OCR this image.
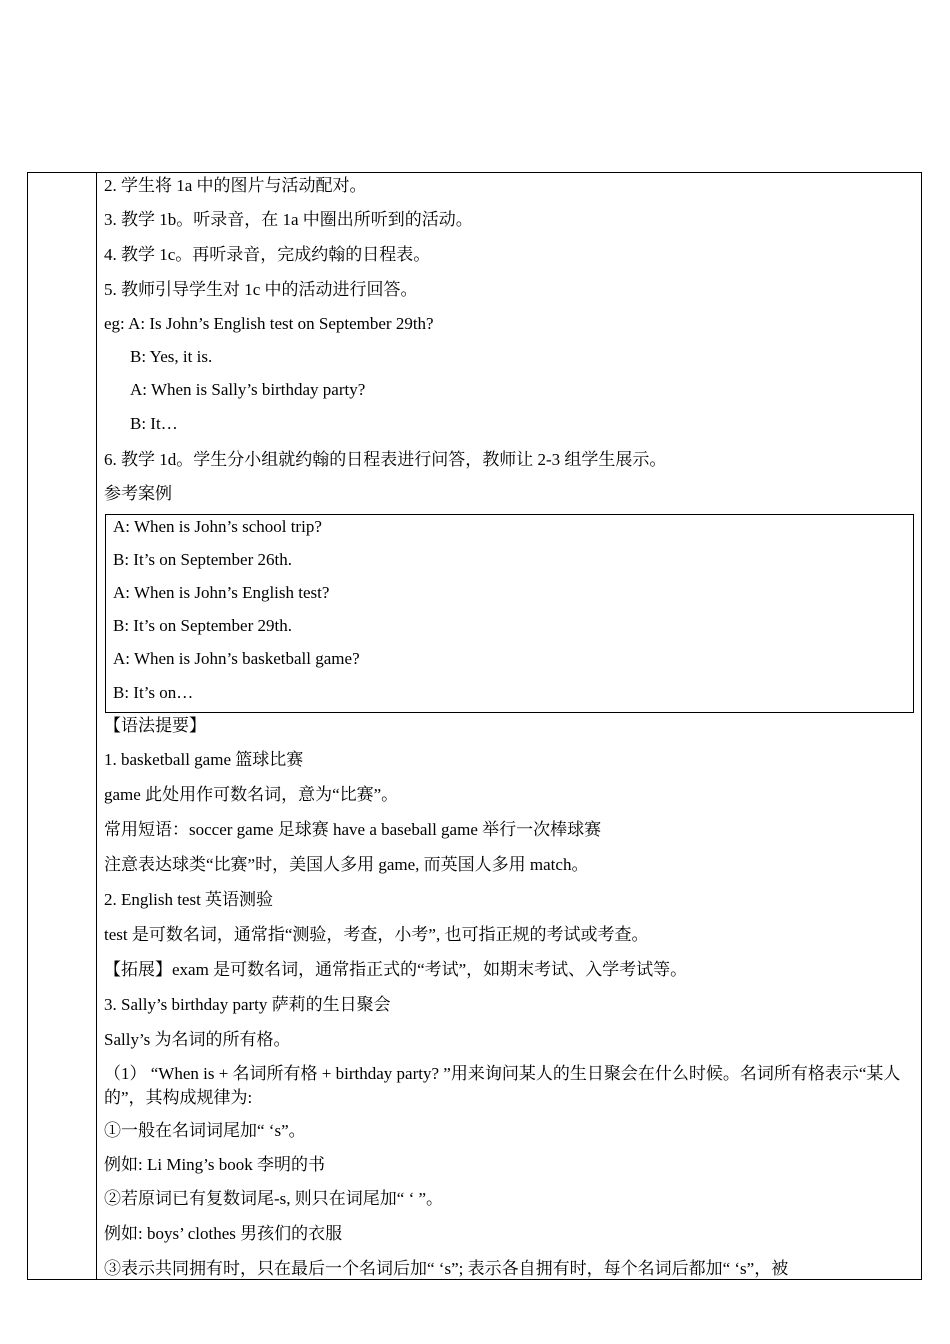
2. 学生将 1a 中的图片与活动配对。
3. 教学 1b。听录音，在 1a 中圈出所听到的活动。
4. 教学 1c。再听录音，完成约翰的日程表。
5. 教师引导学生对 1c 中的活动进行回答。
eg: A: Is John’s English test on September 29th?
B: Yes, it is.
A: When is Sally’s birthday party?
B: It…
6. 教学 1d。学生分小组就约翰的日程表进行问答，教师让 2-3 组学生展示。
参考案例
A: When is John’s school trip?
B: It’s on September 26th.
A: When is John’s English test?
B: It’s on September 29th.
A: When is John’s basketball game?
B: It’s on…
【语法提要】
1. basketball game 篮球比赛
game 此处用作可数名词，意为“比赛”。
常用短语：soccer game 足球赛 have a baseball game 举行一次棒球赛
注意表达球类“比赛”时，美国人多用 game, 而英国人多用 match。
2. English test 英语测验
test 是可数名词，通常指“测验，考查，小考”, 也可指正规的考试或考查。
【拓展】exam 是可数名词，通常指正式的“考试”，如期末考试、入学考试等。
3. Sally’s birthday party 萨莉的生日聚会
Sally’s 为名词的所有格。
（1） “When is + 名词所有格 + birthday party? ”用来询问某人的生日聚会在什么时候。名词所有格表示“某人的”，其构成规律为:
①一般在名词词尾加“ ‘s”。
例如: Li Ming’s book 李明的书
②若原词已有复数词尾-s, 则只在词尾加“ ‘ ”。
例如: boys’ clothes 男孩们的衣服
③表示共同拥有时，只在最后一个名词后加“ ‘s”; 表示各自拥有时，每个名词后都加“ ‘s”，被
